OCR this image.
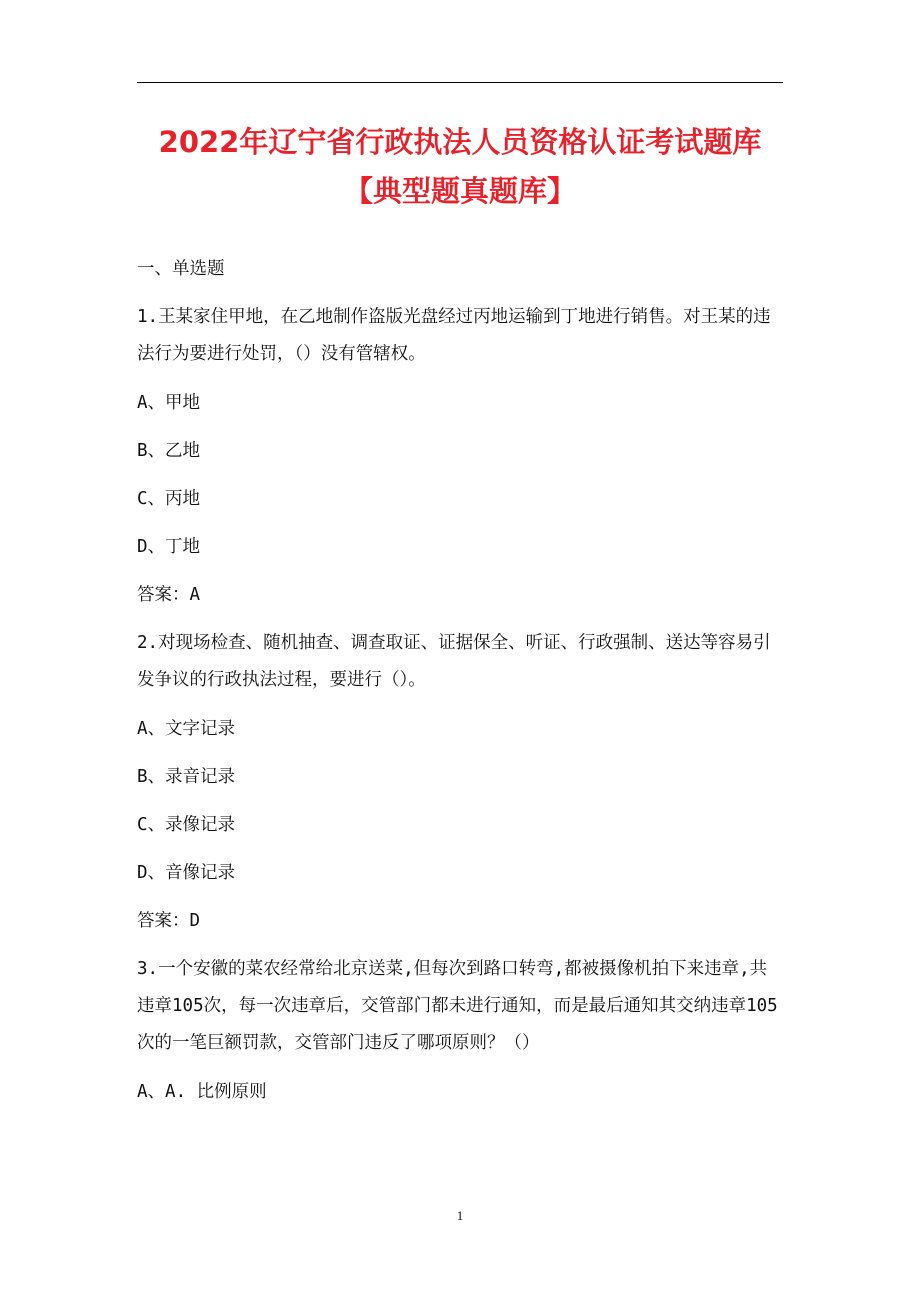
2022年辽宁省行政执法人员资格认证考试题库【典型题真题库】
一、单选题
1.王某家住甲地，在乙地制作盗版光盘经过丙地运输到丁地进行销售。对王某的违法行为要进行处罚，（）没有管辖权。
A、甲地
B、乙地
C、丙地
D、丁地
答案：A
2.对现场检查、随机抽查、调查取证、证据保全、听证、行政强制、送达等容易引发争议的行政执法过程，要进行（）。
A、文字记录
B、录音记录
C、录像记录
D、音像记录
答案：D
3.一个安徽的菜农经常给北京送菜,但每次到路口转弯,都被摄像机拍下来违章,共违章105次，每一次违章后，交管部门都未进行通知，而是最后通知其交纳违章105次的一笔巨额罚款，交管部门违反了哪项原则？（）
A、A. 比例原则
1
